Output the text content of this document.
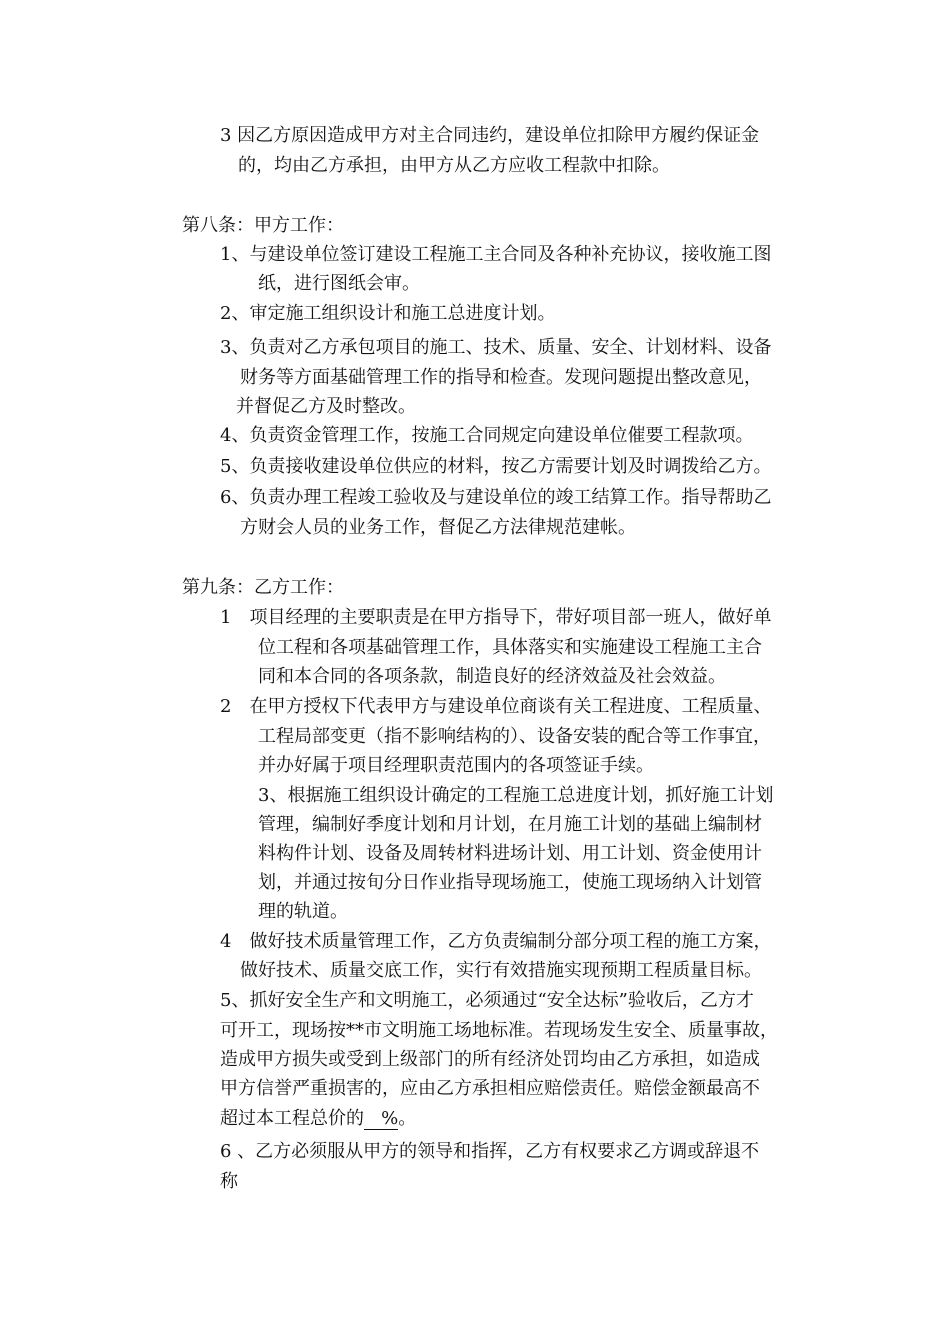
3 因乙方原因造成甲方对主合同违约，建设单位扣除甲方履约保证金
的，均由乙方承担，由甲方从乙方应收工程款中扣除。
第八条：甲方工作：
1、与建设单位签订建设工程施工主合同及各种补充协议，接收施工图
纸，进行图纸会审。
2、审定施工组织设计和施工总进度计划。
3、负责对乙方承包项目的施工、技术、质量、安全、计划材料、设备
财务等方面基础管理工作的指导和检查。发现问题提出整改意见，
并督促乙方及时整改。
4、负责资金管理工作，按施工合同规定向建设单位催要工程款项。
5、负责接收建设单位供应的材料，按乙方需要计划及时调拨给乙方。
6、负责办理工程竣工验收及与建设单位的竣工结算工作。指导帮助乙
方财会人员的业务工作，督促乙方法律规范建帐。
第九条：乙方工作：
1　项目经理的主要职责是在甲方指导下，带好项目部一班人，做好单
位工程和各项基础管理工作，具体落实和实施建设工程施工主合
同和本合同的各项条款，制造良好的经济效益及社会效益。
2　在甲方授权下代表甲方与建设单位商谈有关工程进度、工程质量、
工程局部变更（指不影响结构的）、设备安装的配合等工作事宜，
并办好属于项目经理职责范围内的各项签证手续。
3、根据施工组织设计确定的工程施工总进度计划，抓好施工计划
管理，编制好季度计划和月计划，在月施工计划的基础上编制材
料构件计划、设备及周转材料进场计划、用工计划、资金使用计
划，并通过按旬分日作业指导现场施工，使施工现场纳入计划管
理的轨道。
4　做好技术质量管理工作，乙方负责编制分部分项工程的施工方案，
做好技术、质量交底工作，实行有效措施实现预期工程质量目标。
5、抓好安全生产和文明施工，必须通过“安全达标”验收后，乙方才
可开工，现场按**市文明施工场地标准。若现场发生安全、质量事故，
造成甲方损失或受到上级部门的所有经济处罚均由乙方承担，如造成
甲方信誉严重损害的，应由乙方承担相应赔偿责任。赔偿金额最高不
超过本工程总价的   %。
6 、乙方必须服从甲方的领导和指挥，乙方有权要求乙方调或辞退不
称
